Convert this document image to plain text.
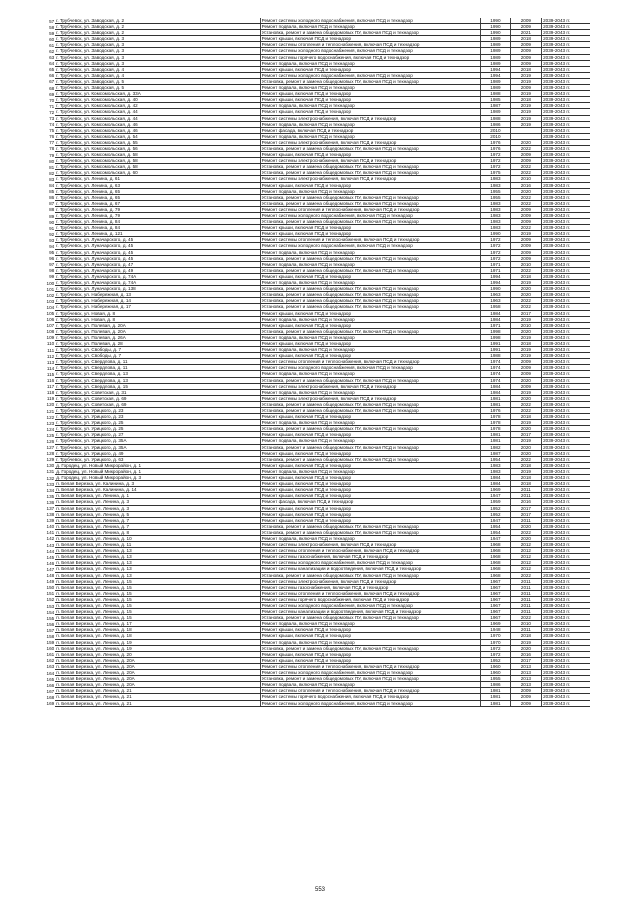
57	г. Трубчевск, ул. Заводская, д. 2	Ремонт системы холодного водоснабжения, включая ПСД и технадзор	1990	2009	2039-2043 гг.
58	г. Трубчевск, ул. Заводская, д. 2	Ремонт подвала, включая ПСД и технадзор	1990	2009	2039-2043 гг.
59	г. Трубчевск, ул. Заводская, д. 2	Установка, ремонт и замена общедомовых ПУ, включая ПСД и технадзор	1990	2021	2039-2043 гг.
60	г. Трубчевск, ул. Заводская, д. 3	Ремонт крыши, включая ПСД и технадзор	1989	2018	2039-2043 гг.
61	г. Трубчевск, ул. Заводская, д. 3	Ремонт системы отопления и теплоснабжения, включая ПСД и технадзор	1989	2009	2039-2043 гг.
62	г. Трубчевск, ул. Заводская, д. 3	Ремонт системы холодного водоснабжения, включая ПСД и технадзор	1989	2009	2039-2043 гг.
63	г. Трубчевск, ул. Заводская, д. 3	Ремонт системы горячего водоснабжения, включая ПСД и технадзор	1989	2009	2039-2043 гг.
64	г. Трубчевск, ул. Заводская, д. 3	Ремонт подвала, включая ПСД и технадзор	1989	2009	2039-2043 гг.
65	г. Трубчевск, ул. Заводская, д. 4	Ремонт крыши, включая ПСД и технадзор	1994	2018	2039-2043 гг.
66	г. Трубчевск, ул. Заводская, д. 4	Ремонт системы холодного водоснабжения, включая ПСД и технадзор	1994	2019	2039-2043 гг.
67	г. Трубчевск, ул. Заводская, д. 5	Установка, ремонт и замена общедомовых ПУ, включая ПСД и технадзор	1989	2019	2039-2043 гг.
68	г. Трубчевск, ул. Заводская, д. 5	Ремонт подвала, включая ПСД и технадзор	1989	2009	2039-2043 гг.
69	г. Трубчевск, ул. Комсомольская, д. 33А	Ремонт крыши, включая ПСД и технадзор	1988	2019	2039-2043 гг.
70	г. Трубчевск, ул. Комсомольская, д. 40	Ремонт крыши, включая ПСД и технадзор	1985	2018	2039-2043 гг.
71	г. Трубчевск, ул. Комсомольская, д. 42	Ремонт подвала, включая ПСД и технадзор	1987	2019	2039-2043 гг.
72	г. Трубчевск, ул. Комсомольская, д. 44	Ремонт крыши, включая ПСД и технадзор	1989	2019	2039-2043 гг.
73	г. Трубчевск, ул. Комсомольская, д. 44	Ремонт системы электроснабжения, включая ПСД и технадзор	1988	2019	2039-2043 гг.
74	г. Трубчевск, ул. Комсомольская, д. 46	Ремонт подвала, включая ПСД и технадзор	1986	2019	2039-2043 гг.
75	г. Трубчевск, ул. Комсомольская, д. 46	Ремонт фасада, включая ПСД и технадзор	2010		2039-2043 гг.
76	г. Трубчевск, ул. Комсомольская, д. 54	Ремонт подвала, включая ПСД и технадзор	2010		2039-2043 гг.
77	г. Трубчевск, ул. Комсомольская, д. 55	Ремонт системы электроснабжения, включая ПСД и технадзор	1976	2020	2039-2043 гг.
78	г. Трубчевск, ул. Комсомольская, д. 56	Установка, ремонт и замена общедомовых ПУ, включая ПСД и технадзор	1976	2022	2039-2043 гг.
79	г. Трубчевск, ул. Комсомольская, д. 58	Ремонт крыши, включая ПСД и технадзор	1972	2009	2039-2043 гг.
80	г. Трубчевск, ул. Комсомольская, д. 58	Ремонт системы электроснабжения, включая ПСД и технадзор	1972	2009	2039-2043 гг.
81	г. Трубчевск, ул. Комсомольская, д. 58	Установка, ремонт и замена общедомовых ПУ, включая ПСД и технадзор	1972	2022	2039-2043 гг.
82	г. Трубчевск, ул. Комсомольская, д. 60	Установка, ремонт и замена общедомовых ПУ, включая ПСД и технадзор	1975	2022	2039-2043 гг.
83	г. Трубчевск, ул. Ленина, д. 61	Ремонт системы электроснабжения, включая ПСД и технадзор	1983	2010	2039-2043 гг.
84	г. Трубчевск, ул. Ленина, д. 63	Ремонт крыши, включая ПСД и технадзор	1983	2016	2039-2043 гг.
85	г. Трубчевск, ул. Ленина, д. 65	Ремонт подвала, включая ПСД и технадзор	1955	2020	2039-2043 гг.
86	г. Трубчевск, ул. Ленина, д. 65	Установка, ремонт и замена общедомовых ПУ, включая ПСД и технадзор	1955	2022	2039-2043 гг.
87	г. Трубчевск, ул. Ленина, д. 67	Установка, ремонт и замена общедомовых ПУ, включая ПСД и технадзор	1983	2022	2039-2043 гг.
88	г. Трубчевск, ул. Ленина, д. 79	Ремонт системы отопления и теплоснабжения, включая ПСД и технадзор	1983	2009	2039-2043 гг.
89	г. Трубчевск, ул. Ленина, д. 79	Ремонт системы холодного водоснабжения, включая ПСД и технадзор	1983	2009	2039-2043 гг.
90	г. Трубчевск, ул. Ленина, д. 84	Установка, ремонт и замена общедомовых ПУ, включая ПСД и технадзор	1983	2009	2039-2043 гг.
91	г. Трубчевск, ул. Ленина, д. 84	Ремонт крыши, включая ПСД и технадзор	1983	2022	2039-2043 гг.
92	г. Трубчевск, ул. Ленина, д. 121	Ремонт крыши, включая ПСД и технадзор	1990	2019	2039-2043 гг.
93	г. Трубчевск, ул. Луначарского, д. 45	Ремонт системы отопления и теплоснабжения, включая ПСД и технадзор	1972	2009	2039-2043 гг.
94	г. Трубчевск, ул. Луначарского, д. 45	Ремонт системы холодного водоснабжения, включая ПСД и технадзор	1972	2009	2039-2043 гг.
95	г. Трубчевск, ул. Луначарского, д. 45	Ремонт подвала, включая ПСД и технадзор	1972	2009	2039-2043 гг.
96	г. Трубчевск, ул. Луначарского, д. 45	Установка, ремонт и замена общедомовых ПУ, включая ПСД и технадзор	1972	2009	2039-2043 гг.
97	г. Трубчевск, ул. Луначарского, д. 47	Ремонт подвала, включая ПСД и технадзор	1971	2010	2039-2043 гг.
98	г. Трубчевск, ул. Луначарского, д. 49	Установка, ремонт и замена общедомовых ПУ, включая ПСД и технадзор	1971	2022	2039-2043 гг.
99	г. Трубчевск, ул. Луначарского, д. 74А	Ремонт крыши, включая ПСД и технадзор	1994	2018	2039-2043 гг.
100	г. Трубчевск, ул. Луначарского, д. 74А	Ремонт подвала, включая ПСД и технадзор	1994	2019	2039-2043 гг.
101	г. Трубчевск, ул. Луначарского, д. 138	Установка, ремонт и замена общедомовых ПУ, включая ПСД и технадзор	1990	2020	2039-2043 гг.
102	г. Трубчевск, ул. Набережная, д. 13	Установка, ремонт и замена общедомовых ПУ, включая ПСД и технадзор	1963	2020	2039-2043 гг.
103	г. Трубчевск, ул. Набережная, д. 14	Установка, ремонт и замена общедомовых ПУ, включая ПСД и технадзор	1963	2022	2039-2043 гг.
104	г. Трубчевск, ул. Набережная, д. 17	Установка, ремонт и замена общедомовых ПУ, включая ПСД и технадзор	1958	2022	2039-2043 гг.
105	г. Трубчевск, ул. Новая, д. 8	Ремонт крыши, включая ПСД и технадзор	1984	2017	2039-2043 гг.
106	г. Трубчевск, ул. Новая, д. 8	Ремонт подвала, включая ПСД и технадзор	1984	2019	2039-2043 гг.
107	г. Трубчевск, ул. Полевая, д. 20А	Ремонт крыши, включая ПСД и технадзор	1971	2010	2039-2043 гг.
108	г. Трубчевск, ул. Полевая, д. 20А	Установка, ремонт и замена общедомовых ПУ, включая ПСД и технадзор	1998	2020	2039-2043 гг.
109	г. Трубчевск, ул. Полевая, д. 26А	Ремонт подвала, включая ПСД и технадзор	1998	2019	2039-2043 гг.
110	г. Трубчевск, ул. Полевая, д. 28	Ремонт крыши, включая ПСД и технадзор	1991	2018	2039-2043 гг.
111	г. Трубчевск, ул. Свободы, д. 7	Ремонт подвала, включая ПСД и технадзор	1991	2019	2039-2043 гг.
112	г. Трубчевск, ул. Свободы, д. 7	Ремонт крыши, включая ПСД и технадзор	1988	2019	2039-2043 гг.
113	г. Трубчевск, ул. Свердлова, д. 11	Ремонт системы отопления и теплоснабжения, включая ПСД и технадзор	1974	2009	2039-2043 гг.
114	г. Трубчевск, ул. Свердлова, д. 11	Ремонт системы холодного водоснабжения, включая ПСД и технадзор	1974	2009	2039-2043 гг.
115	г. Трубчевск, ул. Свердлова, д. 13	Ремонт подвала, включая ПСД и технадзор	1974	2009	2039-2043 гг.
116	г. Трубчевск, ул. Свердлова, д. 13	Установка, ремонт и замена общедомовых ПУ, включая ПСД и технадзор	1974	2020	2039-2043 гг.
117	г. Трубчевск, ул. Свердлова, д. 15	Ремонт системы электроснабжения, включая ПСД и технадзор	1984	2009	2039-2043 гг.
118	г. Трубчевск, ул. Советская, д. 31	Ремонт подвала, включая ПСД и технадзор	1984	2019	2039-2043 гг.
119	г. Трубчевск, ул. Советская, д. 69	Ремонт системы электроснабжения, включая ПСД и технадзор	1981	2020	2039-2043 гг.
120	г. Трубчевск, ул. Советская, д. 69	Установка, ремонт и замена общедомовых ПУ, включая ПСД и технадзор	1981	2022	2039-2043 гг.
121	г. Трубчевск, ул. Урицкого, д. 23	Установка, ремонт и замена общедомовых ПУ, включая ПСД и технадзор	1976	2022	2039-2043 гг.
122	г. Трубчевск, ул. Урицкого, д. 23	Ремонт крыши, включая ПСД и технадзор	1978	2018	2039-2043 гг.
123	г. Трубчевск, ул. Урицкого, д. 25	Ремонт подвала, включая ПСД и технадзор	1978	2019	2039-2043 гг.
124	г. Трубчевск, ул. Урицкого, д. 25	Установка, ремонт и замена общедомовых ПУ, включая ПСД и технадзор	1978	2020	2039-2043 гг.
125	г. Трубчевск, ул. Урицкого, д. 27	Ремонт крыши, включая ПСД и технадзор	1981	2017	2039-2043 гг.
126	г. Трубчевск, ул. Урицкого, д. 35А	Ремонт подвала, включая ПСД и технадзор	1981	2019	2039-2043 гг.
127	г. Трубчевск, ул. Урицкого, д. 35А	Установка, ремонт и замена общедомовых ПУ, включая ПСД и технадзор	1982	2020	2039-2043 гг.
128	г. Трубчевск, ул. Урицкого, д. 49	Ремонт крыши, включая ПСД и технадзор	1987	2020	2039-2043 гг.
129	г. Трубчевск, ул. Урицкого, д. 63	Установка, ремонт и замена общедомовых ПУ, включая ПСД и технадзор	1954	2022	2039-2043 гг.
130	д. Городец, ул. Новый Микрорайон, д. 1	Ремонт крыши, включая ПСД и технадзор	1983	2018	2039-2043 гг.
131	д. Городец, ул. Новый Микрорайон, д. 1	Ремонт подвала, включая ПСД и технадзор	1983	2019	2039-2043 гг.
132	д. Городец, ул. Новый Микрорайон, д. 3	Ремонт крыши, включая ПСД и технадзор	1984	2018	2039-2043 гг.
133	п. Белая Березка, ул. Калинина, д. 3	Ремонт крыши, включая ПСД и технадзор	1984	2018	2039-2043 гг.
134	п. Белая Березка, ул. Калинина, д. 14	Ремонт крыши, включая ПСД и технадзор	1969	2011	2039-2043 гг.
135	п. Белая Березка, ул. Ленина, д. 1	Ремонт крыши, включая ПСД и технадзор	1947	2011	2039-2043 гг.
136	п. Белая Березка, ул. Ленина, д. 3	Ремонт фасада, включая ПСД и технадзор	1959	2016	2039-2043 гг.
137	п. Белая Березка, ул. Ленина, д. 3	Ремонт крыши, включая ПСД и технадзор	1952	2017	2039-2043 гг.
138	п. Белая Березка, ул. Ленина, д. 5	Ремонт крыши, включая ПСД и технадзор	1952	2017	2039-2043 гг.
139	п. Белая Березка, ул. Ленина, д. 7	Ремонт крыши, включая ПСД и технадзор	1947	2011	2039-2043 гг.
140	п. Белая Березка, ул. Ленина, д. 7	Установка, ремонт и замена общедомовых ПУ, включая ПСД и технадзор	1954	2020	2039-2043 гг.
141	п. Белая Березка, ул. Ленина, д. 8	Установка, ремонт и замена общедомовых ПУ, включая ПСД и технадзор	1954	2022	2039-2043 гг.
142	п. Белая Березка, ул. Ленина, д. 10	Ремонт подвала, включая ПСД и технадзор	1947	2020	2039-2043 гг.
143	п. Белая Березка, ул. Ленина, д. 11	Ремонт системы электроснабжения, включая ПСД и технадзор	1968	2012	2039-2043 гг.
144	п. Белая Березка, ул. Ленина, д. 13	Ремонт системы отопления и теплоснабжения, включая ПСД и технадзор	1968	2012	2039-2043 гг.
145	п. Белая Березка, ул. Ленина, д. 13	Ремонт системы газоснабжения, включая ПСД и технадзор	1968	2012	2039-2043 гг.
146	п. Белая Березка, ул. Ленина, д. 13	Ремонт системы холодного водоснабжения, включая ПСД и технадзор	1968	2012	2039-2043 гг.
147	п. Белая Березка, ул. Ленина, д. 13	Ремонт системы канализации и водоотведения, включая ПСД и технадзор	1968	2012	2039-2043 гг.
148	п. Белая Березка, ул. Ленина, д. 13	Установка, ремонт и замена общедомовых ПУ, включая ПСД и технадзор	1968	2022	2039-2043 гг.
149	п. Белая Березка, ул. Ленина, д. 15	Ремонт системы электроснабжения, включая ПСД и технадзор	1967	2011	2039-2043 гг.
150	п. Белая Березка, ул. Ленина, д. 15	Ремонт системы газоснабжения, включая ПСД и технадзор	1967	2011	2039-2043 гг.
151	п. Белая Березка, ул. Ленина, д. 15	Ремонт системы отопления и теплоснабжения, включая ПСД и технадзор	1967	2011	2039-2043 гг.
152	п. Белая Березка, ул. Ленина, д. 15	Ремонт системы горячего водоснабжения, включая ПСД и технадзор	1967	2011	2039-2043 гг.
153	п. Белая Березка, ул. Ленина, д. 15	Ремонт системы холодного водоснабжения, включая ПСД и технадзор	1967	2011	2039-2043 гг.
154	п. Белая Березка, ул. Ленина, д. 15	Ремонт системы канализации и водоотведения, включая ПСД и технадзор	1967	2011	2039-2043 гг.
155	п. Белая Березка, ул. Ленина, д. 15	Установка, ремонт и замена общедомовых ПУ, включая ПСД и технадзор	1967	2022	2039-2043 гг.
156	п. Белая Березка, ул. Ленина, д. 17	Ремонт подвала, включая ПСД и технадзор	1969	2010	2039-2043 гг.
157	п. Белая Березка, ул. Ленина, д. 18	Ремонт крыши, включая ПСД и технадзор	1948	2011	2039-2043 гг.
158	п. Белая Березка, ул. Ленина, д. 18	Ремонт крыши, включая ПСД и технадзор	1970	2018	2039-2043 гг.
159	п. Белая Березка, ул. Ленина, д. 19	Ремонт подвала, включая ПСД и технадзор	1970	2019	2039-2043 гг.
160	п. Белая Березка, ул. Ленина, д. 19	Установка, ремонт и замена общедомовых ПУ, включая ПСД и технадзор	1972	2020	2039-2043 гг.
161	п. Белая Березка, ул. Ленина, д. 20	Ремонт крыши, включая ПСД и технадзор	1972	2016	2039-2043 гг.
162	п. Белая Березка, ул. Ленина, д. 20А	Ремонт крыши, включая ПСД и технадзор	1952	2017	2039-2043 гг.
163	п. Белая Березка, ул. Ленина, д. 20А	Ремонт системы отопления и теплоснабжения, включая ПСД и технадзор	1960	2013	2039-2043 гг.
164	п. Белая Березка, ул. Ленина, д. 20А	Ремонт системы холодного водоснабжения, включая ПСД и технадзор	1960	2013	2039-2043 гг.
165	п. Белая Березка, ул. Ленина, д. 20А	Установка, ремонт и замена общедомовых ПУ, включая ПСД и технадзор	1955	2013	2039-2043 гг.
166	п. Белая Березка, ул. Ленина, д. 20А	Ремонт подвала, включая ПСД и технадзор	1986	2013	2039-2043 гг.
167	п. Белая Березка, ул. Ленина, д. 21	Ремонт системы отопления и теплоснабжения, включая ПСД и технадзор	1981	2009	2039-2043 гг.
168	п. Белая Березка, ул. Ленина, д. 21	Ремонт системы горячего водоснабжения, включая ПСД и технадзор	1981	2009	2039-2043 гг.
169	п. Белая Березка, ул. Ленина, д. 21	Ремонт системы холодного водоснабжения, включая ПСД и технадзор	1981	2009	2039-2043 гг.
553
